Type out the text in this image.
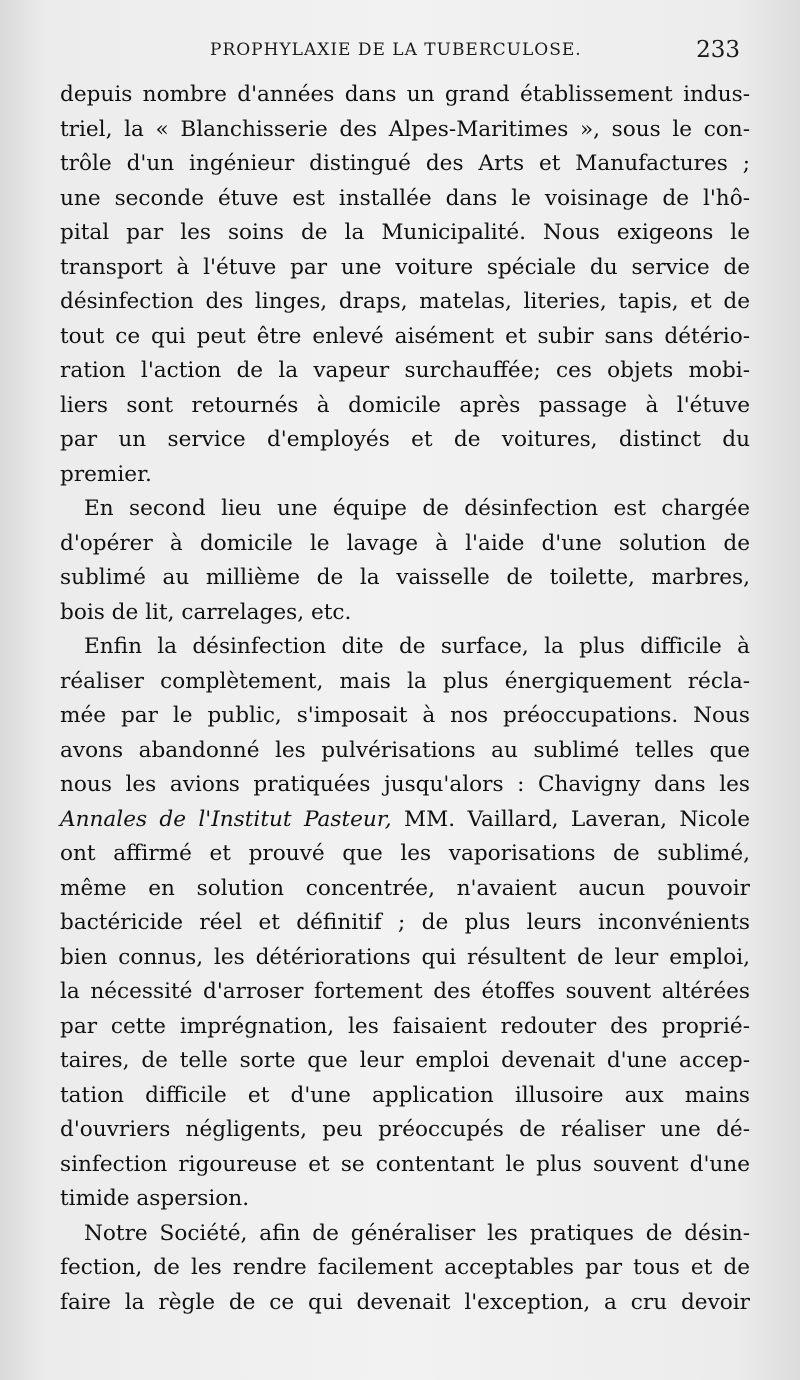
PROPHYLAXIE DE LA TUBERCULOSE.	233
depuis nombre d'années dans un grand établissement indus-
triel, la « Blanchisserie des Alpes-Maritimes », sous le con-
trôle d'un ingénieur distingué des Arts et Manufactures ;
une seconde étuve est installée dans le voisinage de l'hô-
pital par les soins de la Municipalité. Nous exigeons le
transport à l'étuve par une voiture spéciale du service de
désinfection des linges, draps, matelas, literies, tapis, et de
tout ce qui peut être enlevé aisément et subir sans détério-
ration l'action de la vapeur surchauffée; ces objets mobi-
liers sont retournés à domicile après passage à l'étuve
par un service d'employés et de voitures, distinct du
premier.
En second lieu une équipe de désinfection est chargée
d'opérer à domicile le lavage à l'aide d'une solution de
sublimé au millième de la vaisselle de toilette, marbres,
bois de lit, carrelages, etc.
Enfin la désinfection dite de surface, la plus difficile à
réaliser complètement, mais la plus énergiquement récla-
mée par le public, s'imposait à nos préoccupations. Nous
avons abandonné les pulvérisations au sublimé telles que
nous les avions pratiquées jusqu'alors : Chavigny dans les
Annales de l'Institut Pasteur, MM. Vaillard, Laveran, Nicole
ont affirmé et prouvé que les vaporisations de sublimé,
même en solution concentrée, n'avaient aucun pouvoir
bactéricide réel et définitif ; de plus leurs inconvénients
bien connus, les détériorations qui résultent de leur emploi,
la nécessité d'arroser fortement des étoffes souvent altérées
par cette imprégnation, les faisaient redouter des proprié-
taires, de telle sorte que leur emploi devenait d'une accep-
tation difficile et d'une application illusoire aux mains
d'ouvriers négligents, peu préoccupés de réaliser une dé-
sinfection rigoureuse et se contentant le plus souvent d'une
timide aspersion.
Notre Société, afin de généraliser les pratiques de désin-
fection, de les rendre facilement acceptables par tous et de
faire la règle de ce qui devenait l'exception, a cru devoir
